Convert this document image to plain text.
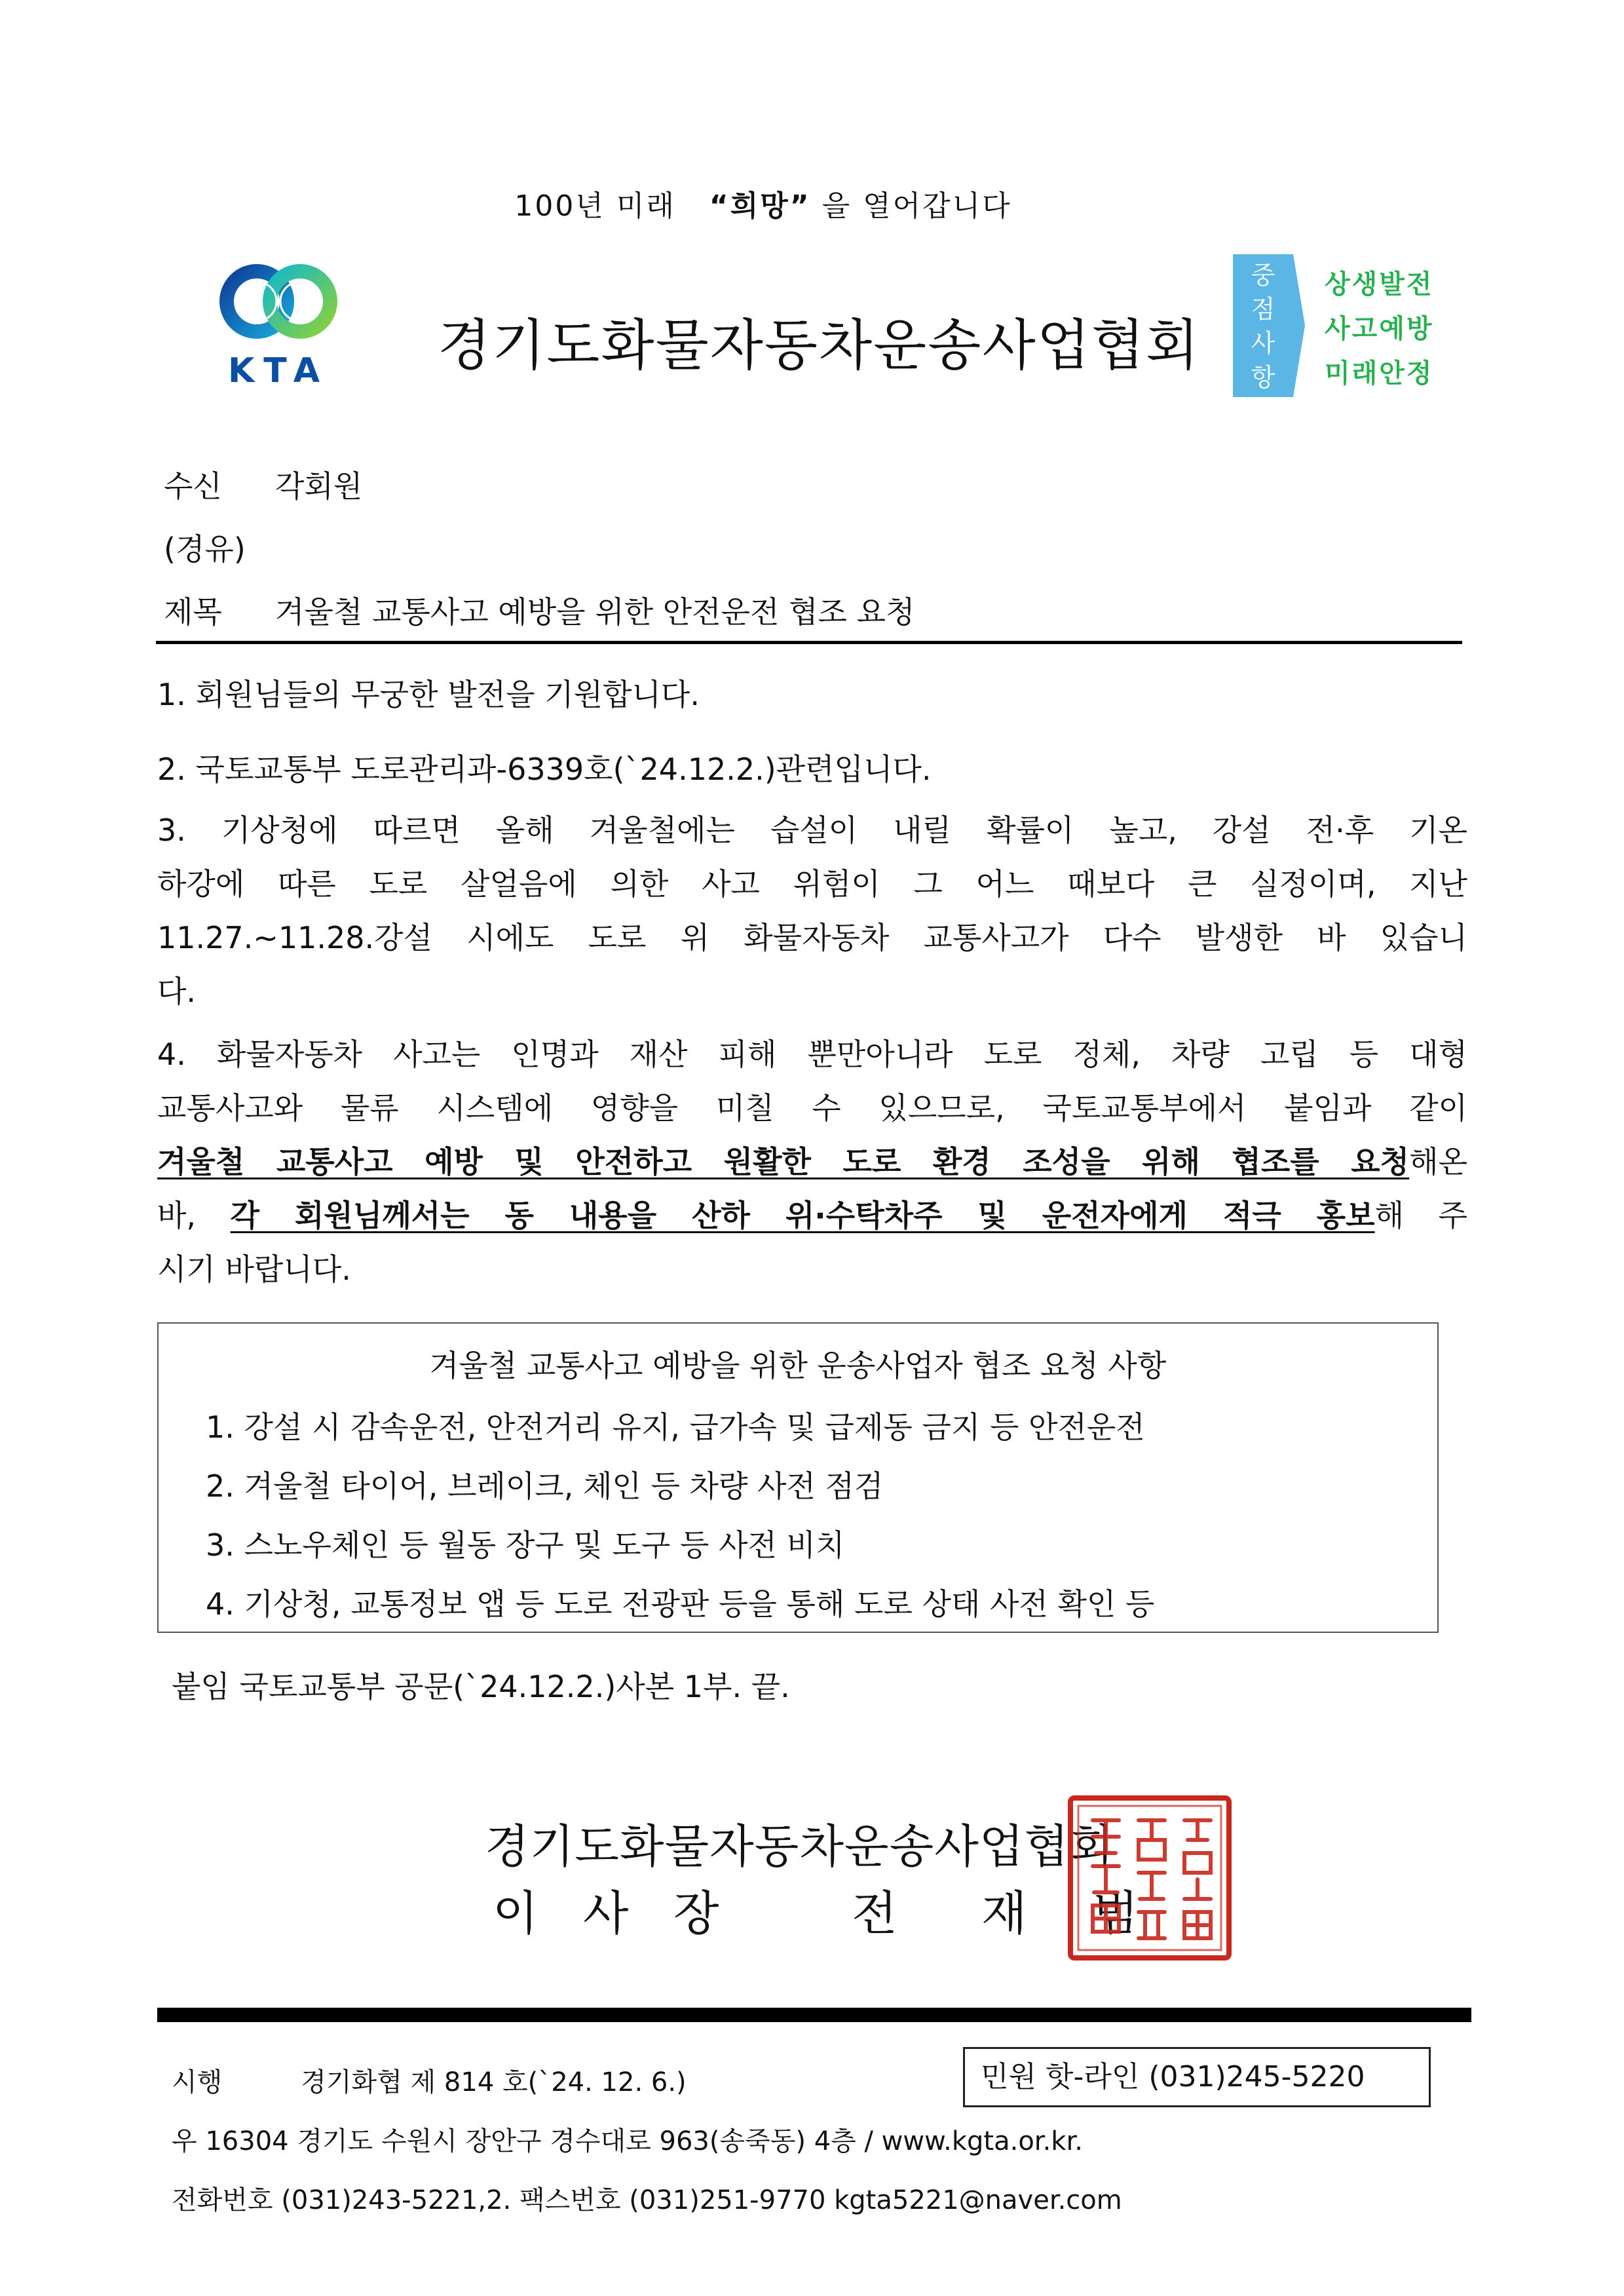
100년 미래 “희망” 을 열어갑니다
KTA 경기도화물자동차운송사업협회
중
점
사
항
상생발전
사고예방
미래안정
수신 각회원
(경유)
제목 겨울철 교통사고 예방을 위한 안전운전 협조 요청
1. 회원님들의 무궁한 발전을 기원합니다.
2. 국토교통부 도로관리과-6339호(`24.12.2.)관련입니다.
3. 기상청에 따르면 올해 겨울철에는 습설이 내릴 확률이 높고, 강설 전·후 기온
하강에 따른 도로 살얼음에 의한 사고 위험이 그 어느 때보다 큰 실정이며, 지난
11.27.~11.28.강설 시에도 도로 위 화물자동차 교통사고가 다수 발생한 바 있습니
다.
4. 화물자동차 사고는 인명과 재산 피해 뿐만아니라 도로 정체, 차량 고립 등 대형
교통사고와 물류 시스템에 영향을 미칠 수 있으므로, 국토교통부에서 붙임과 같이
겨울철 교통사고 예방 및 안전하고 원활한 도로 환경 조성을 위해 협조를 요청해온
바, 각 회원님께서는 동 내용을 산하 위·수탁차주 및 운전자에게 적극 홍보해 주
시기 바랍니다.
겨울철 교통사고 예방을 위한 운송사업자 협조 요청 사항
1. 강설 시 감속운전, 안전거리 유지, 급가속 및 급제동 금지 등 안전운전
2. 겨울철 타이어, 브레이크, 체인 등 차량 사전 점검
3. 스노우체인 등 월동 장구 및 도구 등 사전 비치
4. 기상청, 교통정보 앱 등 도로 전광판 등을 통해 도로 상태 사전 확인 등
붙임 국토교통부 공문(`24.12.2.)사본 1부. 끝.
경기도화물자동차운송사업협회
이 사 장	전 재 범
시행	경기화협 제 814 호(`24. 12. 6.)	민원 핫-라인 (031)245-5220
우 16304 경기도 수원시 장안구 경수대로 963(송죽동) 4층 / www.kgta.or.kr.
전화번호 (031)243-5221,2. 팩스번호 (031)251-9770 kgta5221@naver.com
